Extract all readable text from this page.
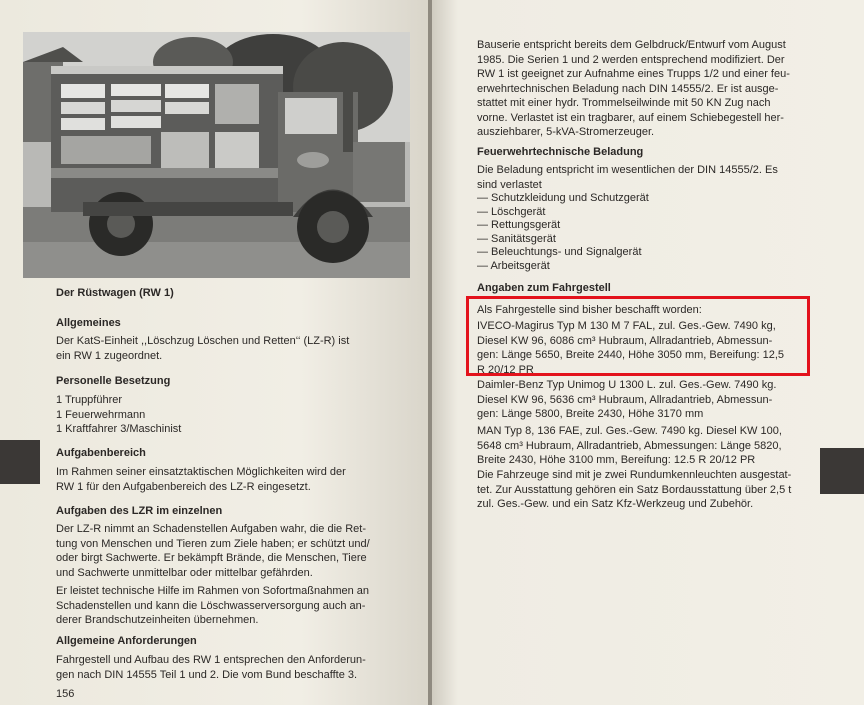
Der Rüstwagen (RW 1)

Allgemeines

Der KatS-Einheit ,,Löschzug Löschen und Retten‘‘ (LZ-R) ist

ein RW 1 zugeordnet.

Personelle Besetzung

1 Truppführer

1 Feuerwehrmann

1 Kraftfahrer 3/Maschinist

Aufgabenbereich

Im Rahmen seiner einsatztaktischen Möglichkeiten wird der

RW 1 für den Aufgabenbereich des LZ-R eingesetzt.

Aufgaben des LZR im einzelnen

Der LZ-R nimmt an Schadenstellen Aufgaben wahr, die die Ret-

tung von Menschen und Tieren zum Ziele haben; er schützt und/

oder birgt Sachwerte. Er bekämpft Brände, die Menschen, Tiere

und Sachwerte unmittelbar oder mittelbar gefährden.

Er leistet technische Hilfe im Rahmen von Sofortmaßnahmen an

Schadenstellen und kann die Löschwasserversorgung auch an-

derer Brandschutzeinheiten übernehmen.

Allgemeine Anforderungen

Fahrgestell und Aufbau des RW 1 entsprechen den Anforderun-

gen nach DIN 14555 Teil 1 und 2. Die vom Bund beschaffte 3.

156

Bauserie entspricht bereits dem Gelbdruck/Entwurf vom August

1985. Die Serien 1 und 2 werden entsprechend modifiziert. Der

RW 1 ist geeignet zur Aufnahme eines Trupps 1/2 und einer feu-

erwehrtechnischen Beladung nach DIN 14555/2. Er ist ausge-

stattet mit einer hydr. Trommelseilwinde mit 50 KN Zug nach

vorne. Verlastet ist ein tragbarer, auf einem Schiebegestell her-

ausziehbarer, 5-kVA-Stromerzeuger.

Feuerwehrtechnische Beladung

Die Beladung entspricht im wesentlichen der DIN 14555/2. Es

sind verlastet

— Schutzkleidung und Schutzgerät

— Löschgerät

— Rettungsgerät

— Sanitätsgerät

— Beleuchtungs- und Signalgerät

— Arbeitsgerät

Angaben zum Fahrgestell

Als Fahrgestelle sind bisher beschafft worden:

IVECO-Magirus Typ M 130 M 7 FAL, zul. Ges.-Gew. 7490 kg,

Diesel KW 96, 6086 cm³ Hubraum, Allradantrieb, Abmessun-

gen: Länge 5650, Breite 2440, Höhe 3050 mm, Bereifung: 12,5

R 20/12 PR

Daimler-Benz Typ Unimog U 1300 L. zul. Ges.-Gew. 7490 kg.

Diesel KW 96, 5636 cm³ Hubraum, Allradantrieb, Abmessun-

gen: Länge 5800, Breite 2430, Höhe 3170 mm

MAN Typ 8, 136 FAE, zul. Ges.-Gew. 7490 kg. Diesel KW 100,

5648 cm³ Hubraum, Allradantrieb, Abmessungen: Länge 5820,

Breite 2430, Höhe 3100 mm, Bereifung: 12.5 R 20/12 PR

Die Fahrzeuge sind mit je zwei Rundumkennleuchten ausgestat-

tet. Zur Ausstattung gehören ein Satz Bordausstattung über 2,5 t

zul. Ges.-Gew. und ein Satz Kfz-Werkzeug und Zubehör.
